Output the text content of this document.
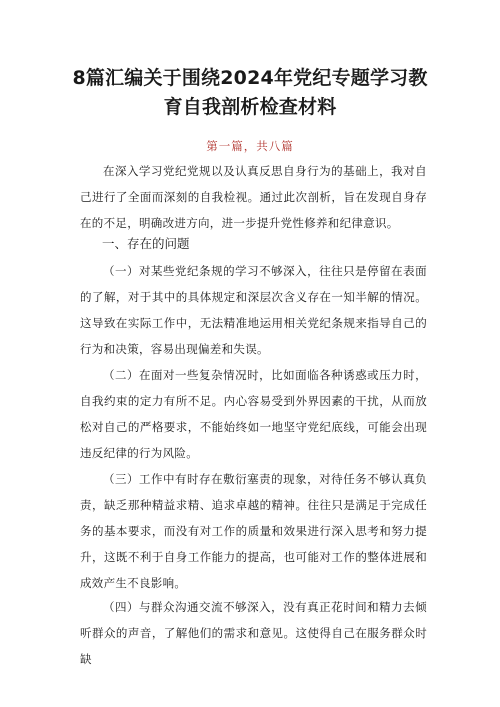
8篇汇编关于围绕2024年党纪专题学习教
育自我剖析检查材料
第一篇，共八篇

在深入学习党纪党规以及认真反思自身行为的基础上，我对自己进行了全面而深刻的自我检视。通过此次剖析，旨在发现自身存在的不足，明确改进方向，进一步提升党性修养和纪律意识。

一、存在的问题

（一）对某些党纪条规的学习不够深入，往往只是停留在表面的了解，对于其中的具体规定和深层次含义存在一知半解的情况。这导致在实际工作中，无法精准地运用相关党纪条规来指导自己的行为和决策，容易出现偏差和失误。

（二）在面对一些复杂情况时，比如面临各种诱惑或压力时，自我约束的定力有所不足。内心容易受到外界因素的干扰，从而放松对自己的严格要求，不能始终如一地坚守党纪底线，可能会出现违反纪律的行为风险。

（三）工作中有时存在敷衍塞责的现象，对待任务不够认真负责，缺乏那种精益求精、追求卓越的精神。往往只是满足于完成任务的基本要求，而没有对工作的质量和效果进行深入思考和努力提升，这既不利于自身工作能力的提高，也可能对工作的整体进展和成效产生不良影响。

（四）与群众沟通交流不够深入，没有真正花时间和精力去倾听群众的声音，了解他们的需求和意见。这使得自己在服务群众时缺
